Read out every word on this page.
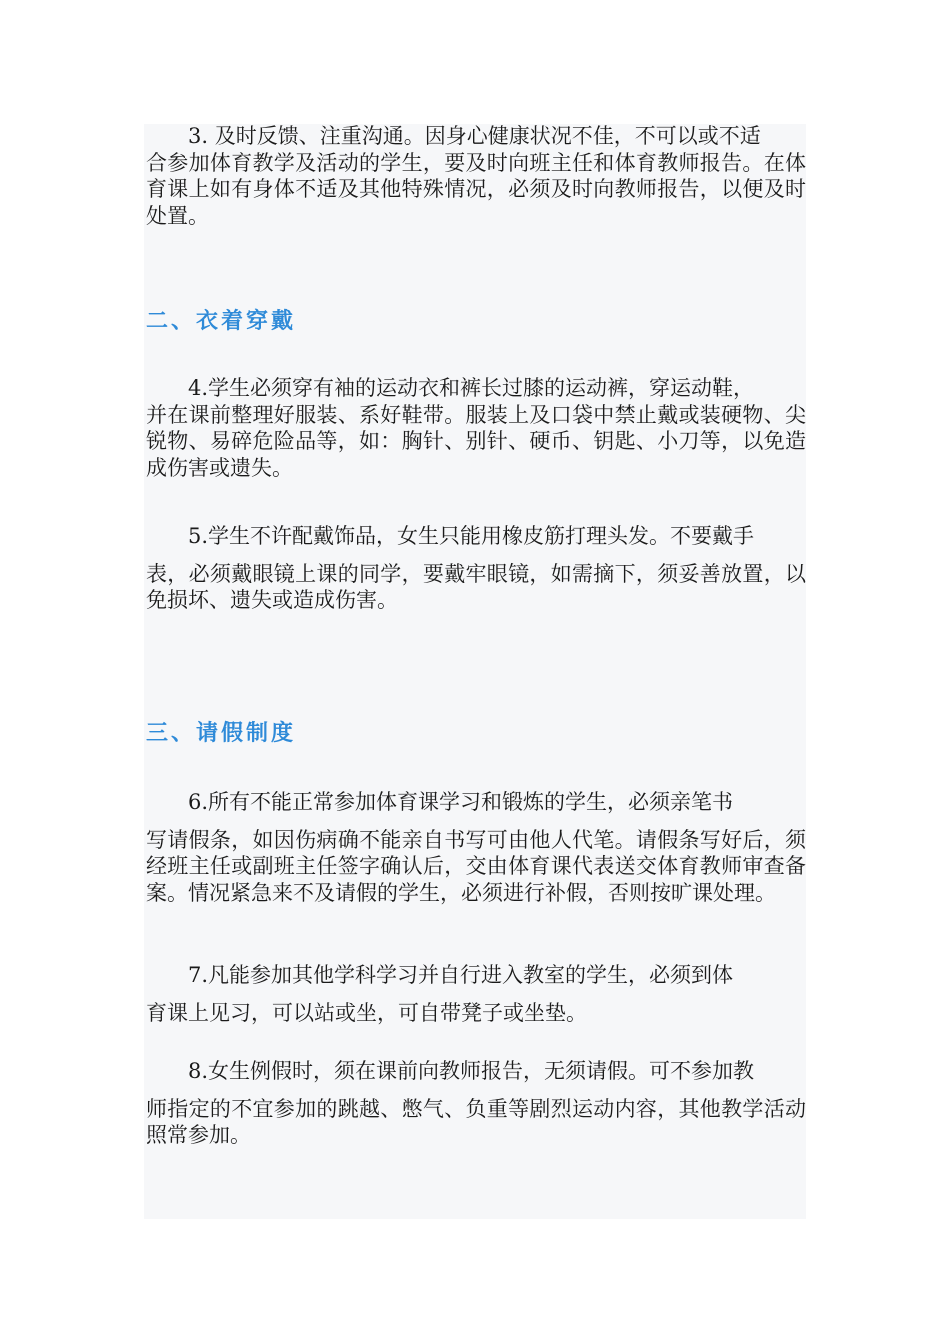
3. 及时反馈、注重沟通。因身心健康状况不佳，不可以或不适
合参加体育教学及活动的学生，要及时向班主任和体育教师报告。在体育课上如有身体不适及其他特殊情况，必须及时向教师报告，以便及时处置。

二、衣着穿戴

4.学生必须穿有袖的运动衣和裤长过膝的运动裤，穿运动鞋，
并在课前整理好服装、系好鞋带。服装上及口袋中禁止戴或装硬物、尖锐物、易碎危险品等，如：胸针、别针、硬币、钥匙、小刀等，以免造成伤害或遗失。

5.学生不许配戴饰品，女生只能用橡皮筋打理头发。不要戴手
表，必须戴眼镜上课的同学，要戴牢眼镜，如需摘下，须妥善放置，以免损坏、遗失或造成伤害。

三、请假制度

6.所有不能正常参加体育课学习和锻炼的学生，必须亲笔书
写请假条，如因伤病确不能亲自书写可由他人代笔。请假条写好后，须经班主任或副班主任签字确认后，交由体育课代表送交体育教师审查备案。情况紧急来不及请假的学生，必须进行补假，否则按旷课处理。

7.凡能参加其他学科学习并自行进入教室的学生，必须到体
育课上见习，可以站或坐，可自带凳子或坐垫。

8.女生例假时，须在课前向教师报告，无须请假。可不参加教
师指定的不宜参加的跳越、憋气、负重等剧烈运动内容，其他教学活动照常参加。
